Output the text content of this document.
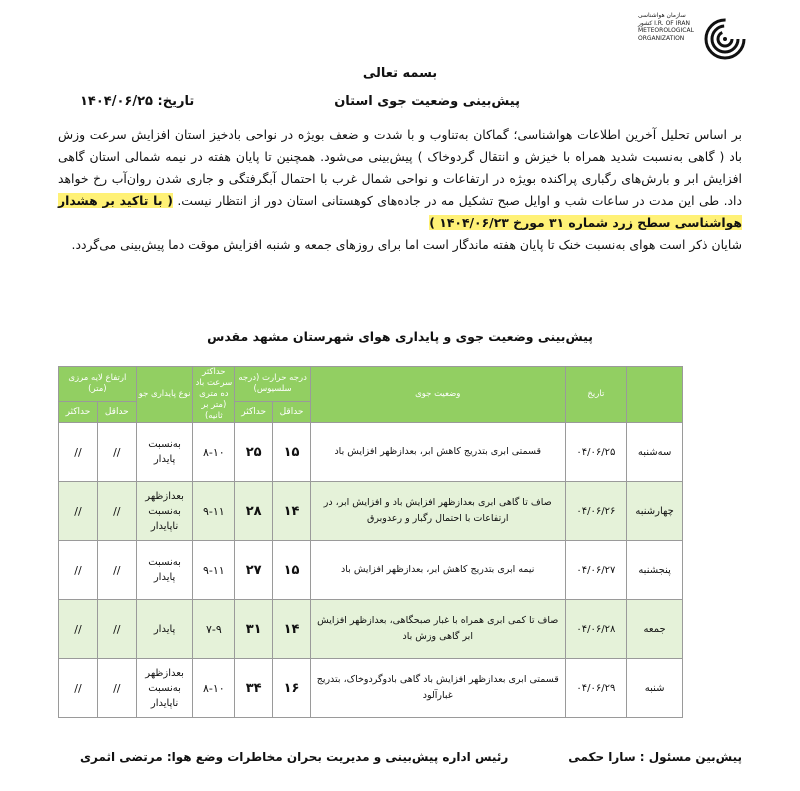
سازمان هواشناسی کشور I.R. OF IRAN METEOROLOGICAL ORGANIZATION
بسمه تعالی
پیش‌بینی وضعیت جوی استان
تاریخ: ۱۴۰۴/۰۶/۲۵
بر اساس تحلیل آخرین اطلاعات هواشناسی؛ گماکان به‌تناوب و با شدت و ضعف بویژه در نواحی بادخیز استان افزایش سرعت وزش باد ( گاهی به‌نسبت شدید همراه با خیزش و انتقال گردوخاک ) پیش‌بینی می‌شود. همچنین تا پایان هفته در نیمه شمالی استان گاهی افزایش ابر و بارش‌های رگباری پراکنده بویژه در ارتفاعات و نواحی شمال غرب با احتمال آبگرفتگی و جاری شدن روان‌آب رخ خواهد داد. طی این مدت در ساعات شب و اوایل صبح تشکیل مه در جاده‌های کوهستانی استان دور از انتظار نیست. ( با تاکید بر هشدار هواشناسی سطح زرد شماره ۳۱ مورخ ۱۴۰۴/۰۶/۲۳ )
شایان ذکر است هوای به‌نسبت خنک تا پایان هفته ماندگار است اما برای روزهای جمعه و شنبه افزایش موقت دما پیش‌بینی می‌گردد.
پیش‌بینی وضعیت جوی و پایداری هوای شهرستان مشهد مقدس
	تاریخ	وضعیت جوی	درجه حرارت (درجه سلسیوس)		حداکثر سرعت باد ده متری (متر بر ثانیه)	نوع پایداری جو	ارتفاع لایه مرزی (متر)	
			حداقل	حداکثر			حداقل	حداکثر
سه‌شنبه	۰۴/۰۶/۲۵	قسمتی ابری بتدریج کاهش ابر، بعدازظهر افزایش باد	۱۵	۲۵	۸-۱۰	به‌نسبت پایدار	//	//
چهارشنبه	۰۴/۰۶/۲۶	صاف تا گاهی ابری بعدازظهر افزایش باد و افزایش ابر، در ارتفاعات با احتمال رگبار و رعدوبرق	۱۴	۲۸	۹-۱۱	بعدازظهر به‌نسبت ناپایدار	//	//
پنجشنبه	۰۴/۰۶/۲۷	نیمه ابری بتدریج کاهش ابر، بعدازظهر افزایش باد	۱۵	۲۷	۹-۱۱	به‌نسبت پایدار	//	//
جمعه	۰۴/۰۶/۲۸	صاف تا کمی ابری همراه با غبار صبحگاهی، بعدازظهر افزایش ابر گاهی وزش باد	۱۴	۳۱	۷-۹	پایدار	//	//
شنبه	۰۴/۰۶/۲۹	قسمتی ابری بعدازظهر افزایش باد گاهی بادوگردوخاک، بتدریج غبارآلود	۱۶	۳۴	۸-۱۰	بعدازظهر به‌نسبت ناپایدار	//	//
پیش‌بین مسئول : سارا حکمی
رئیس اداره پیش‌بینی و مدیریت بحران مخاطرات وضع هوا: مرتضی اثمری
